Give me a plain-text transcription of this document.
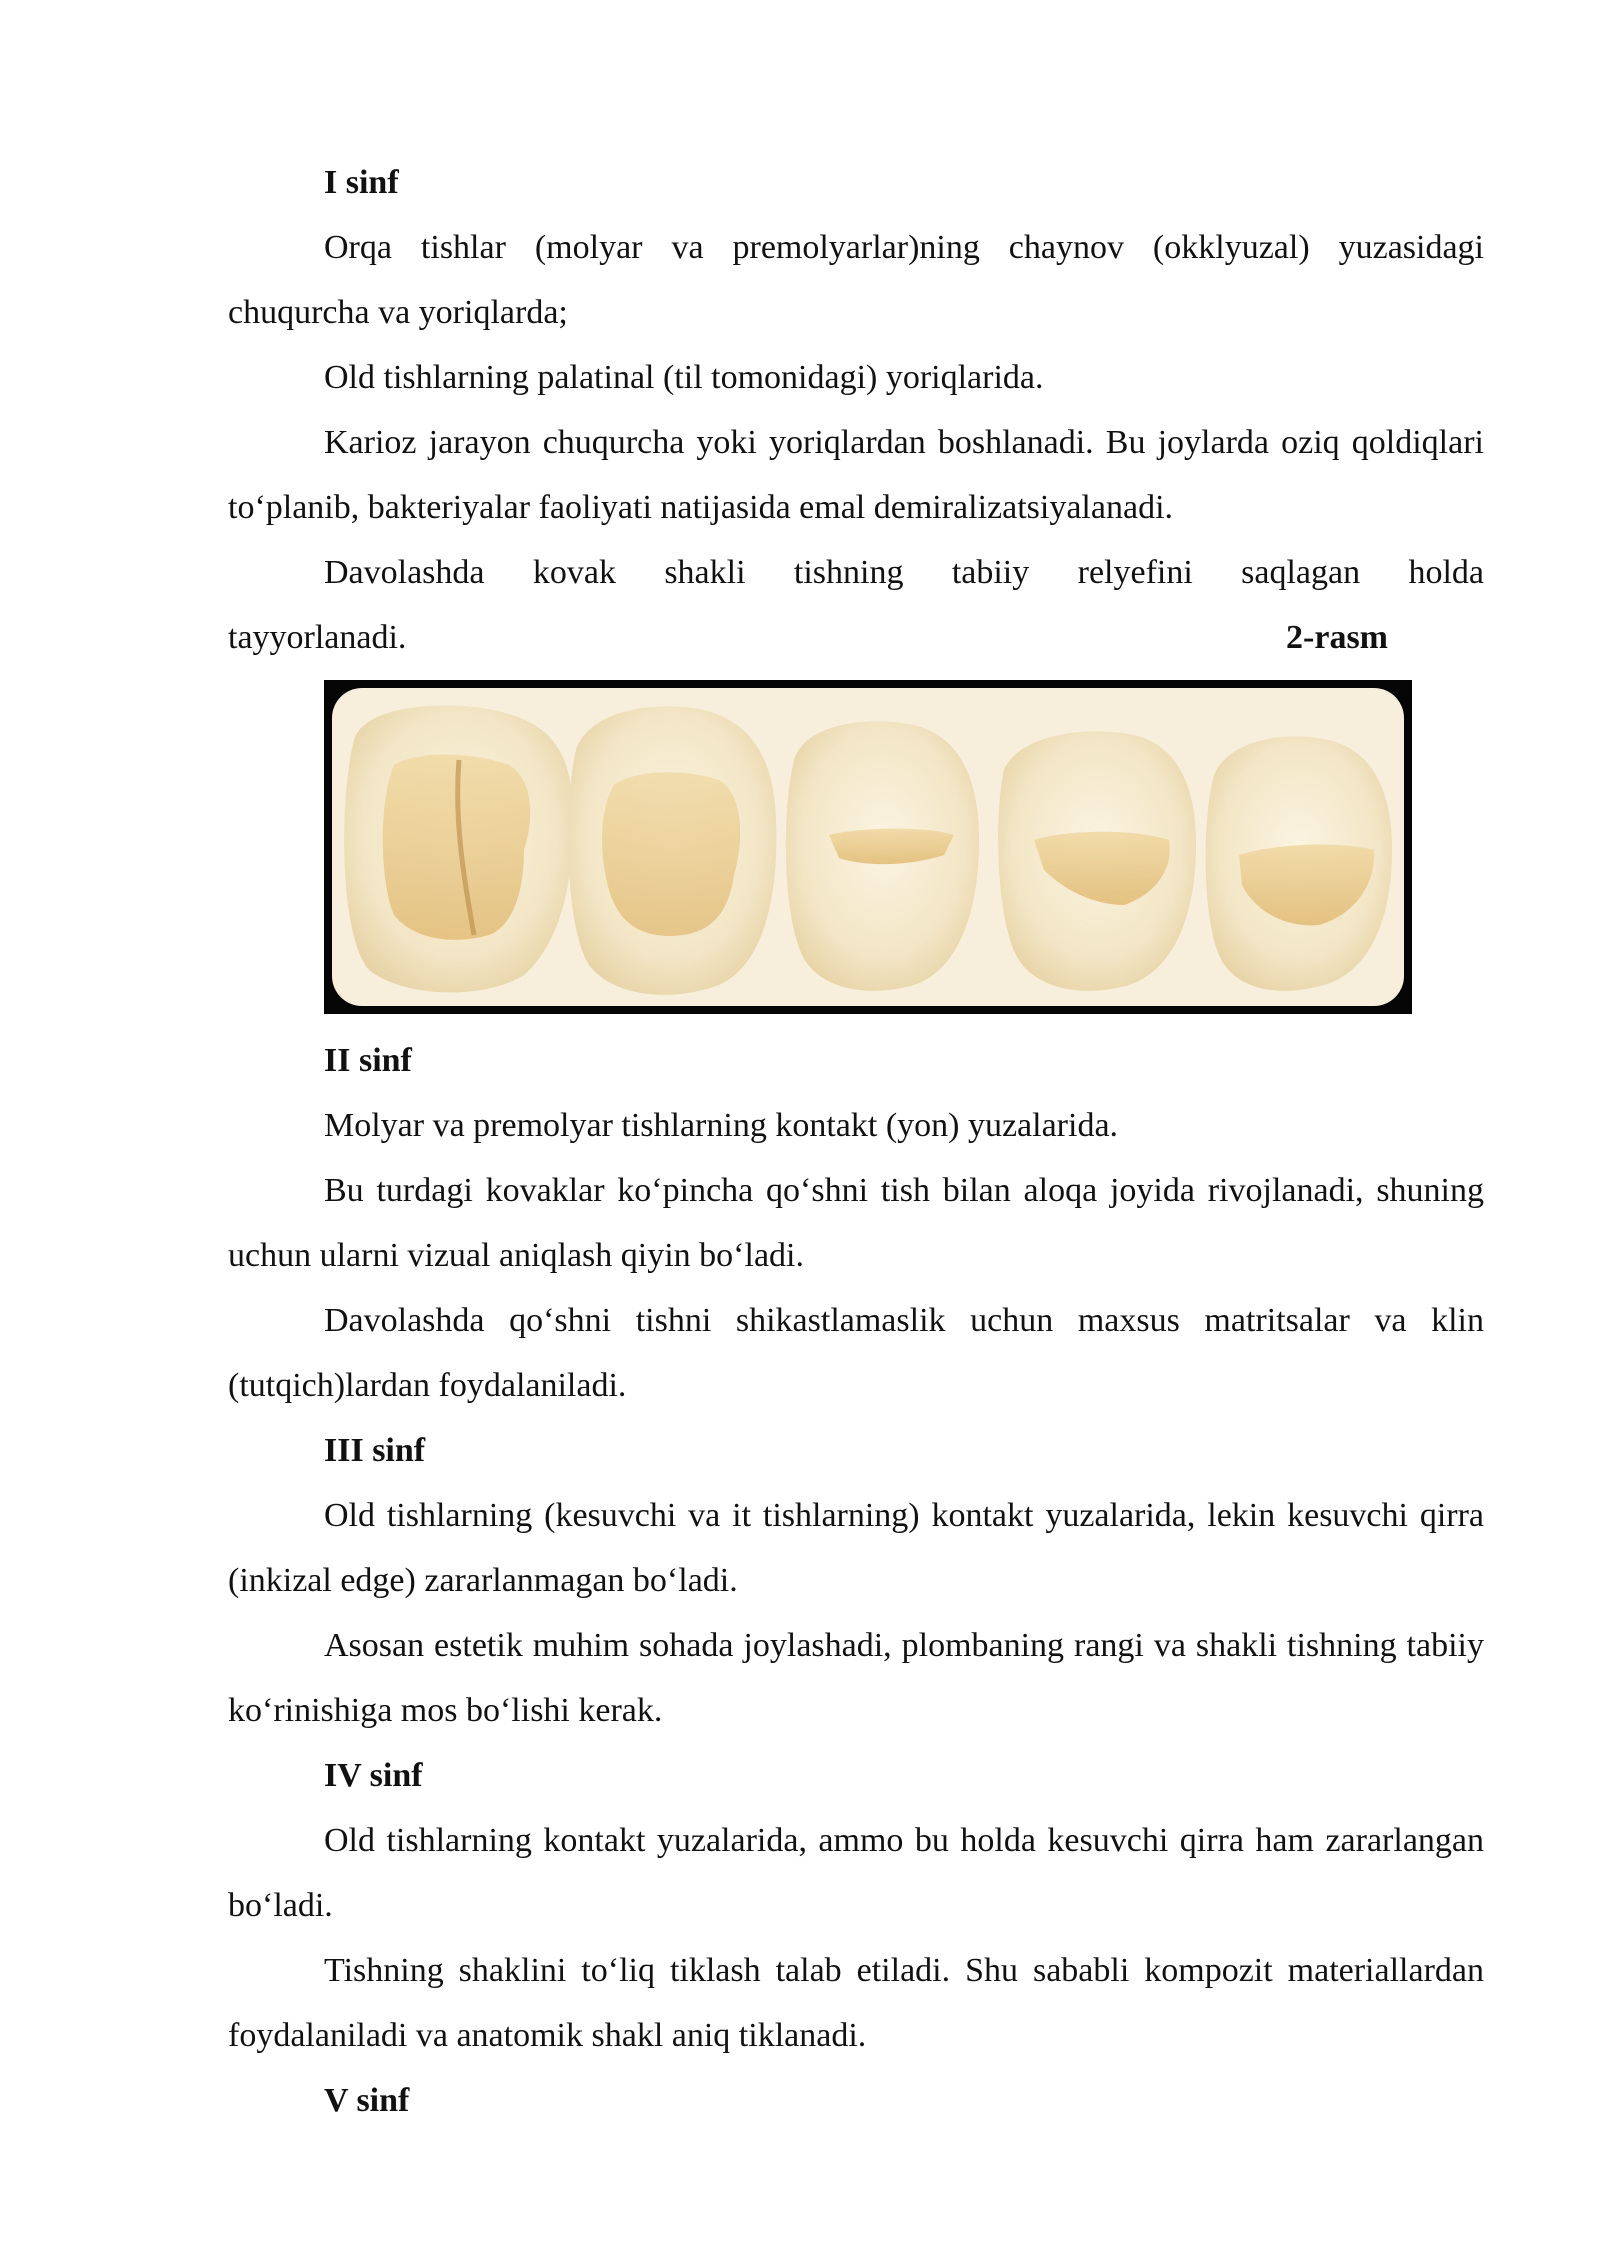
I sinf

Orqa tishlar (molyar va premolyarlar)ning chaynov (okklyuzal) yuzasidagi chuqurcha va yoriqlarda;

Old tishlarning palatinal (til tomonidagi) yoriqlarida.

Karioz jarayon chuqurcha yoki yoriqlardan boshlanadi. Bu joylarda oziq qoldiqlari to‘planib, bakteriyalar faoliyati natijasida emal demiralizatsiyalanadi.

Davolashda kovak shakli tishning tabiiy relyefini saqlagan holda

tayyorlanadi.	2-rasm

II sinf

Molyar va premolyar tishlarning kontakt (yon) yuzalarida.

Bu turdagi kovaklar ko‘pincha qo‘shni tish bilan aloqa joyida rivojlanadi, shuning uchun ularni vizual aniqlash qiyin bo‘ladi.

Davolashda qo‘shni tishni shikastlamaslik uchun maxsus matritsalar va klin (tutqich)lardan foydalaniladi.

III sinf

Old tishlarning (kesuvchi va it tishlarning) kontakt yuzalarida, lekin kesuvchi qirra (inkizal edge) zararlanmagan bo‘ladi.

Asosan estetik muhim sohada joylashadi, plombaning rangi va shakli tishning tabiiy ko‘rinishiga mos bo‘lishi kerak.

IV sinf

Old tishlarning kontakt yuzalarida, ammo bu holda kesuvchi qirra ham zararlangan bo‘ladi.

Tishning shaklini to‘liq tiklash talab etiladi. Shu sababli kompozit materiallardan foydalaniladi va anatomik shakl aniq tiklanadi.

V sinf
